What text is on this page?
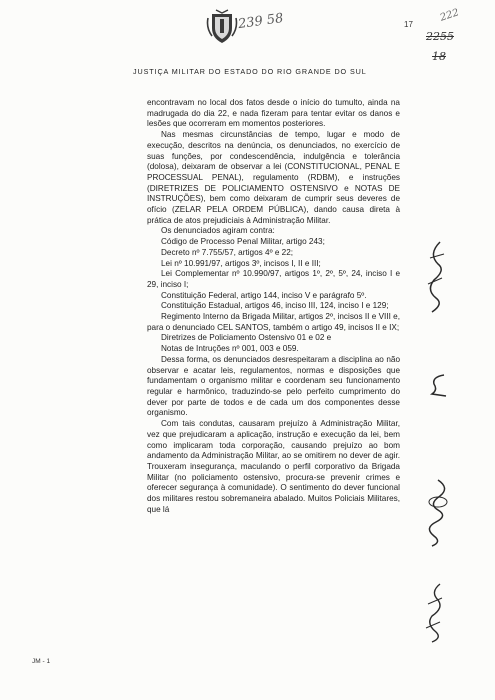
239 58	17
222
2255
18
JUSTIÇA MILITAR DO ESTADO DO RIO GRANDE DO SUL

encontravam no local dos fatos desde o início do tumulto, ainda na madrugada do dia 22, e nada fizeram para tentar evitar os danos e lesões que ocorreram em momentos posteriores.

Nas mesmas circunstâncias de tempo, lugar e modo de execução, descritos na denúncia, os denunciados, no exercício de suas funções, por condescendência, indulgência e tolerância (dolosa), deixaram de observar a lei (CONSTITUCIONAL, PENAL E PROCESSUAL PENAL), regulamento (RDBM), e instruções (DIRETRIZES DE POLICIAMENTO OSTENSIVO e NOTAS DE INSTRUÇÕES), bem como deixaram de cumprir seus deveres de ofício (ZELAR PELA ORDEM PÚBLICA), dando causa direta à prática de atos prejudiciais à Administração Militar.

Os denunciados agiram contra:

Código de Processo Penal Militar, artigo 243;

Decreto nº 7.755/57, artigos 4º e 22;

Lei nº 10.991/97, artigos 3º, incisos I, II e III;

Lei Complementar nº 10.990/97, artigos 1º, 2º, 5º, 24, inciso I e 29, inciso I;

Constituição Federal, artigo 144, inciso V e parágrafo 5º.

Constituição Estadual, artigos 46, inciso III, 124, inciso I e 129;

Regimento Interno da Brigada Militar, artigos 2º, incisos II e VIII e, para o denunciado CEL SANTOS, também o artigo 49, incisos II e IX;

Diretrizes de Policiamento Ostensivo 01 e 02 e

Notas de Intruções nº 001, 003 e 059.

Dessa forma, os denunciados desrespeitaram a disciplina ao não observar e acatar leis, regulamentos, normas e disposições que fundamentam o organismo militar e coordenam seu funcionamento regular e harmônico, traduzindo-se pelo perfeito cumprimento do dever por parte de todos e de cada um dos componentes desse organismo.

Com tais condutas, causaram prejuízo à Administração Militar, vez que prejudicaram a aplicação, instrução e execução da lei, bem como implicaram toda corporação, causando prejuízo ao bom andamento da Administração Militar, ao se omitirem no dever de agir. Trouxeram insegurança, maculando o perfil corporativo da Brigada Militar (no policiamento ostensivo, procura-se prevenir crimes e oferecer segurança à comunidade). O sentimento do dever funcional dos militares restou sobremaneira abalado. Muitos Policiais Militares, que lá

JM - 1
